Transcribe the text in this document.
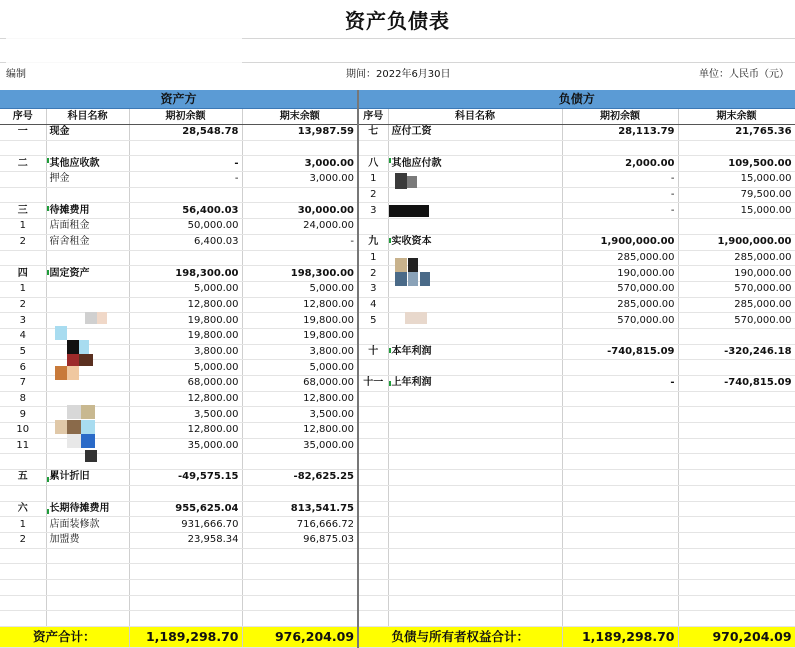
资产负债表
编制	期间：2022年6月30日	单位：人民币（元）
资产方				负债方			
序号	科目名称	期初余额	期末余额	序号	科目名称	期初余额	期末余额
一	现金	28,548.78	13,987.59	七	应付工资	28,113.79	21,765.36

二	其他应收款	-	3,000.00	八	其他应付款	2,000.00	109,500.00
	押金	-	3,000.00	1		-	15,000.00
				2		-	79,500.00
三	待摊费用	56,400.03	30,000.00	3		-	15,000.00
1	店面租金	50,000.00	24,000.00				
2	宿舍租金	6,400.03	-	九	实收资本	1,900,000.00	1,900,000.00
				1		285,000.00	285,000.00
四	固定资产	198,300.00	198,300.00	2		190,000.00	190,000.00
1		5,000.00	5,000.00	3		570,000.00	570,000.00
2		12,800.00	12,800.00	4		285,000.00	285,000.00
3		19,800.00	19,800.00	5		570,000.00	570,000.00
4		19,800.00	19,800.00				
5		3,800.00	3,800.00	十	本年利润	-740,815.09	-320,246.18
6		5,000.00	5,000.00				
7		68,000.00	68,000.00	十一	上年利润	-	-740,815.09
8		12,800.00	12,800.00				
9		3,500.00	3,500.00				
10		12,800.00	12,800.00				
11		35,000.00	35,000.00				

五	累计折旧	-49,575.15	-82,625.25				

六	长期待摊费用	955,625.04	813,541.75				
1	店面装修款	931,666.70	716,666.72				
2	加盟费	23,958.34	96,875.03				

资产合计：		1,189,298.70	976,204.09	负债与所有者权益合计：		1,189,298.70	970,204.09
